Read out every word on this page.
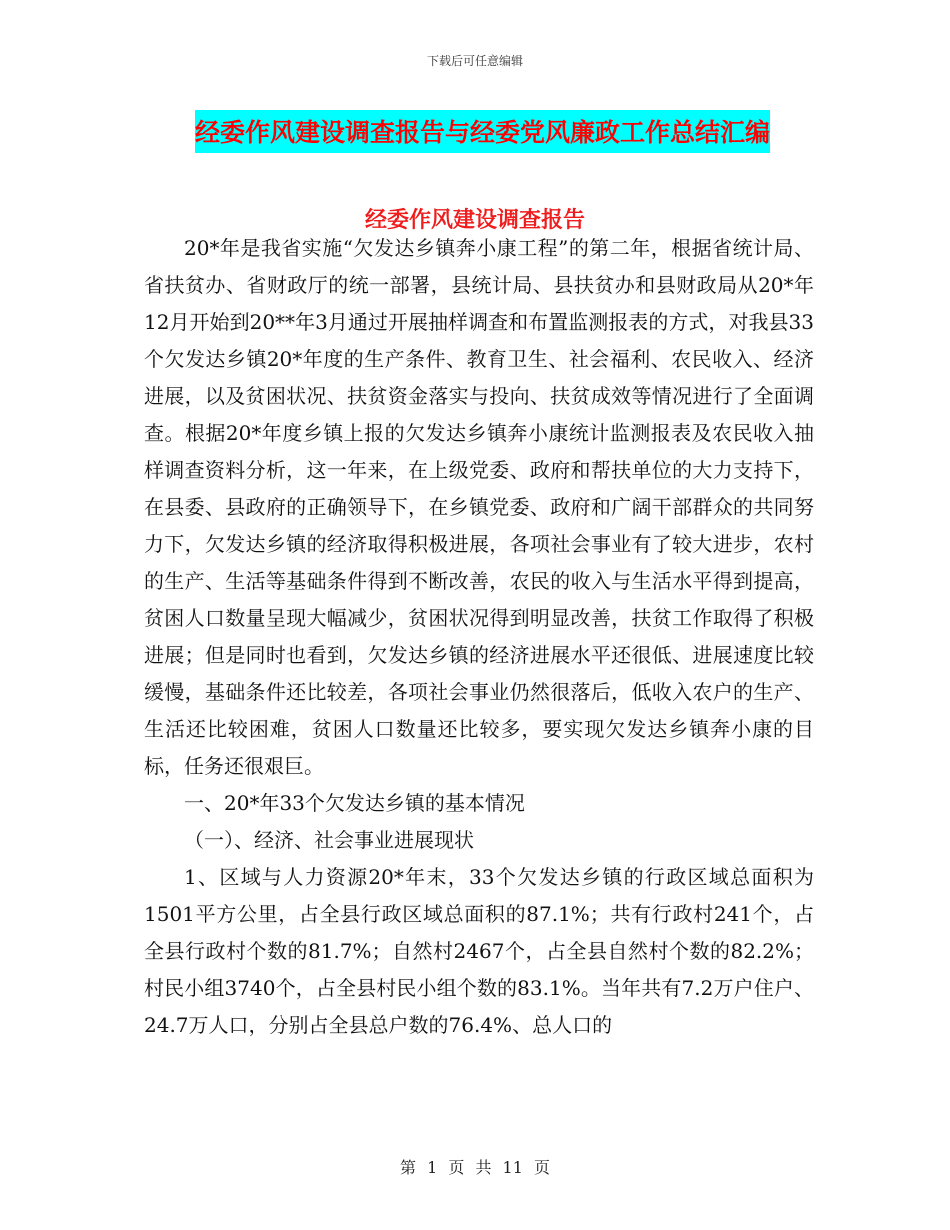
下载后可任意编辑
经委作风建设调查报告与经委党风廉政工作总结汇编
经委作风建设调查报告

20*年是我省实施“欠发达乡镇奔小康工程”的第二年，根据省统计局、省扶贫办、省财政厅的统一部署，县统计局、县扶贫办和县财政局从20*年12月开始到20**年3月通过开展抽样调查和布置监测报表的方式，对我县33个欠发达乡镇20*年度的生产条件、教育卫生、社会福利、农民收入、经济进展，以及贫困状况、扶贫资金落实与投向、扶贫成效等情况进行了全面调查。根据20*年度乡镇上报的欠发达乡镇奔小康统计监测报表及农民收入抽样调查资料分析，这一年来，在上级党委、政府和帮扶单位的大力支持下，在县委、县政府的正确领导下，在乡镇党委、政府和广阔干部群众的共同努力下，欠发达乡镇的经济取得积极进展，各项社会事业有了较大进步，农村的生产、生活等基础条件得到不断改善，农民的收入与生活水平得到提高，贫困人口数量呈现大幅减少，贫困状况得到明显改善，扶贫工作取得了积极进展；但是同时也看到，欠发达乡镇的经济进展水平还很低、进展速度比较缓慢，基础条件还比较差，各项社会事业仍然很落后，低收入农户的生产、生活还比较困难，贫困人口数量还比较多，要实现欠发达乡镇奔小康的目标，任务还很艰巨。

一、20*年33个欠发达乡镇的基本情况

（一）、经济、社会事业进展现状

1、区域与人力资源20*年末，33个欠发达乡镇的行政区域总面积为1501平方公里，占全县行政区域总面积的87.1%；共有行政村241个，占全县行政村个数的81.7%；自然村2467个，占全县自然村个数的82.2%；村民小组3740个，占全县村民小组个数的83.1%。当年共有7.2万户住户、24.7万人口，分别占全县总户数的76.4%、总人口的

第 1 页 共 11 页
